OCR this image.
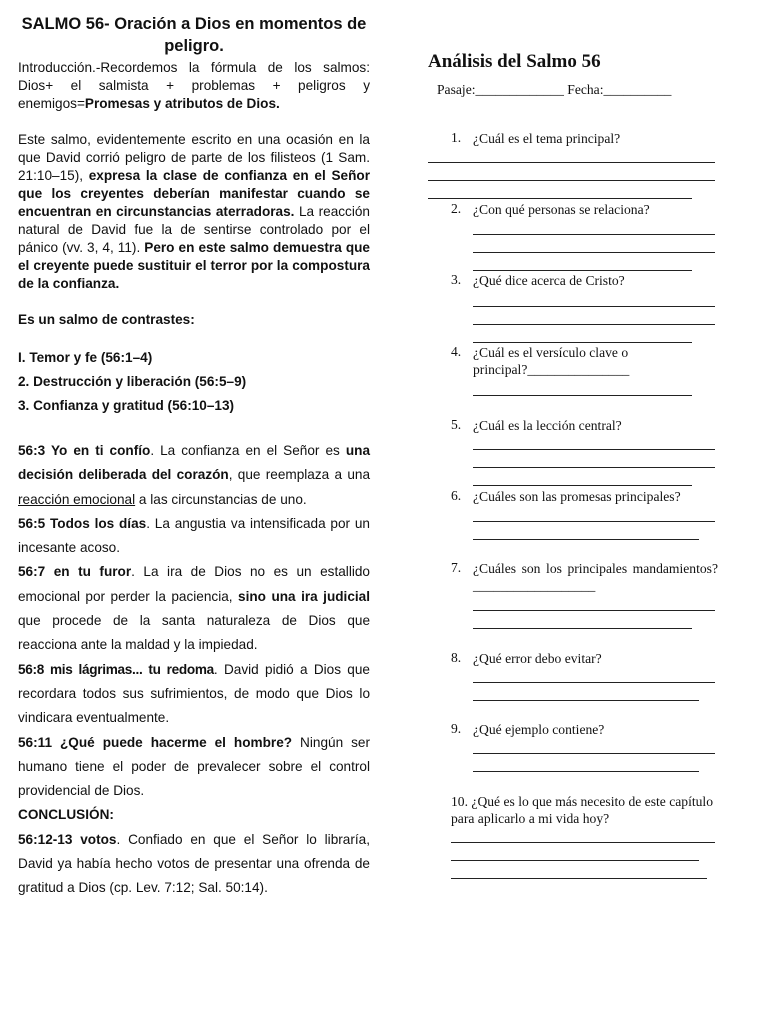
SALMO 56- Oración a Dios en momentos de peligro.

Introducción.-Recordemos la fórmula de los salmos: Dios+ el salmista + problemas + peligros y enemigos=Promesas y atributos de Dios.

Este salmo, evidentemente escrito en una ocasión en la que David corrió peligro de parte de los filisteos (1 Sam. 21:10–15), expresa la clase de confianza en el Señor que los creyentes deberían manifestar cuando se encuentran en circunstancias aterradoras. La reacción natural de David fue la de sentirse controlado por el pánico (vv. 3, 4, 11). Pero en este salmo demuestra que el creyente puede sustituir el terror por la compostura de la confianza.

Es un salmo de contrastes:

I. Temor y fe (56:1–4)

2. Destrucción y liberación (56:5–9)

3. Confianza y gratitud (56:10–13)

56:3 Yo en ti confío. La confianza en el Señor es una decisión deliberada del corazón, que reemplaza a una reacción emocional a las circunstancias de uno.

56:5 Todos los días. La angustia va intensificada por un incesante acoso.

56:7 en tu furor. La ira de Dios no es un estallido emocional por perder la paciencia, sino una ira judicial que procede de la santa naturaleza de Dios que reacciona ante la maldad y la impiedad.

56:8 mis lágrimas... tu redoma. David pidió a Dios que recordara todos sus sufrimientos, de modo que Dios lo vindicara eventualmente.

56:11 ¿Qué puede hacerme el hombre? Ningún ser humano tiene el poder de prevalecer sobre el control providencial de Dios.

CONCLUSIÓN:

56:12-13 votos. Confiado en que el Señor lo libraría, David ya había hecho votos de presentar una ofrenda de gratitud a Dios (cp. Lev. 7:12; Sal. 50:14).

Análisis del Salmo 56

Pasaje:_____________ Fecha:__________

1. ¿Cuál es el tema principal?
2. ¿Con qué personas se relaciona?
3. ¿Qué dice acerca de Cristo?
4. ¿Cuál es el versículo clave o principal?_______________
5. ¿Cuál es la lección central?
6. ¿Cuáles son las promesas principales?
7. ¿Cuáles son los principales mandamientos?__________________
8. ¿Qué error debo evitar?
9. ¿Qué ejemplo contiene?
10. ¿Qué es lo que más necesito de este capítulo para aplicarlo a mi vida hoy?
